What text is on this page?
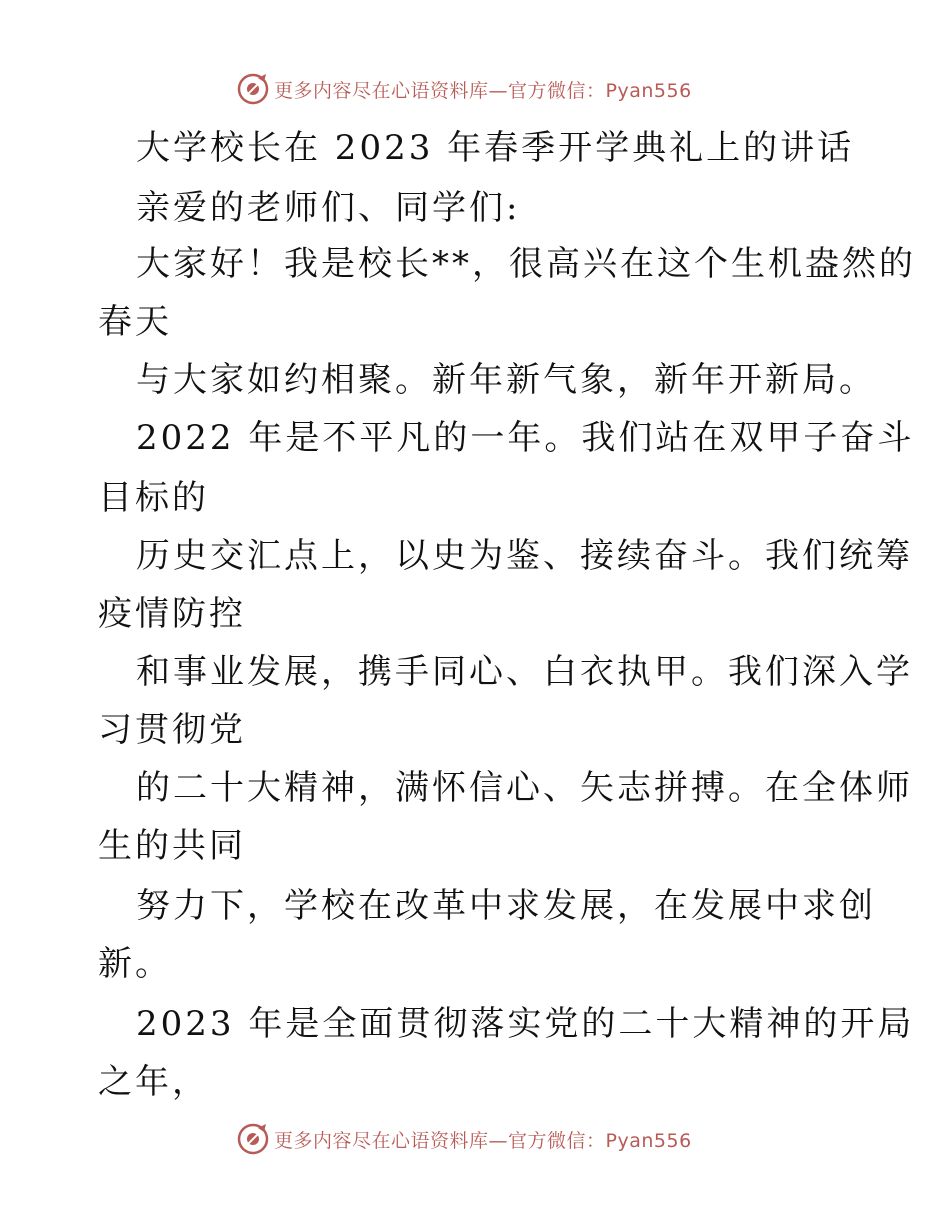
更多内容尽在心语资料库—官方微信：Pyan556
大学校长在 2023 年春季开学典礼上的讲话
亲爱的老师们、同学们:
大家好！我是校长**，很高兴在这个生机盎然的
春天
与大家如约相聚。新年新气象，新年开新局。
2022 年是不平凡的一年。我们站在双甲子奋斗
目标的
历史交汇点上，以史为鉴、接续奋斗。我们统筹
疫情防控
和事业发展，携手同心、白衣执甲。我们深入学
习贯彻党
的二十大精神，满怀信心、矢志拼搏。在全体师
生的共同
努力下，学校在改革中求发展，在发展中求创
新。
2023 年是全面贯彻落实党的二十大精神的开局
之年，
更多内容尽在心语资料库—官方微信：Pyan556
